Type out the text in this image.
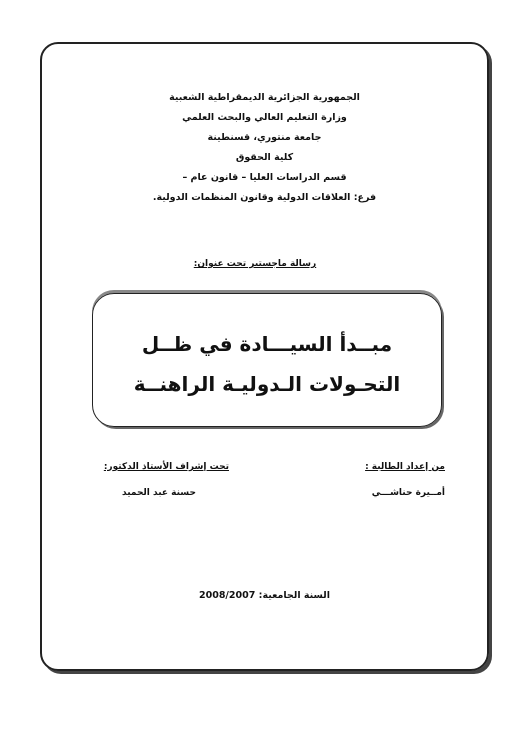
الجمهورية الجزائرية الديمقراطية الشعبية
وزارة التعليم العالي والبحث العلمي
جامعة منتوري، قسنطينة
كلية الحقوق
قسم الدراسات العليا – قانون عام –
فرع: العلاقات الدولية وقانون المنظمات الدولية.
رسالة ماجستير تحت عنوان:
مبــدأ السيـــادة في ظــل
التحـولات الـدوليـة الراهنــة
من إعداد الطالبة :
أمــيرة حناشـــي
تحت إشراف الأستاذ الدكتور:
حسنة عبد الحميد
السنة الجامعية: 2008/2007
